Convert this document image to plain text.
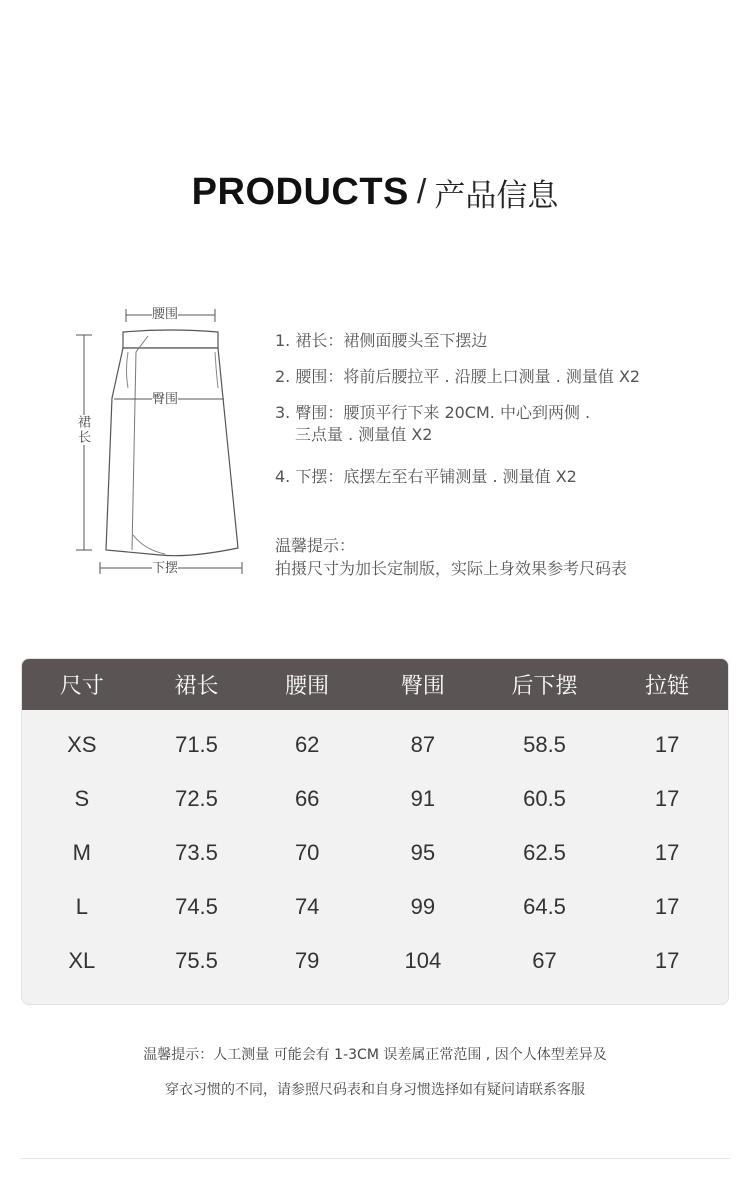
PRODUCTS / 产品信息
腰围
臀围
裙长
下摆
1. 裙长：裙侧面腰头至下摆边
2. 腰围：将前后腰拉平 . 沿腰上口测量 . 测量值 X2
3. 臀围：腰顶平行下来 20CM. 中心到两侧 .
三点量 . 测量值 X2
4. 下摆：底摆左至右平铺测量 . 测量值 X2
温馨提示：
拍摄尺寸为加长定制版，实际上身效果参考尺码表
尺寸	裙长	腰围	臀围	后下摆	拉链
XS	71.5	62	87	58.5	17
S	72.5	66	91	60.5	17
M	73.5	70	95	62.5	17
L	74.5	74	99	64.5	17
XL	75.5	79	104	67	17
温馨提示：人工测量 可能会有 1-3CM 误差属正常范围 , 因个人体型差异及
穿衣习惯的不同，请参照尺码表和自身习惯选择如有疑问请联系客服
